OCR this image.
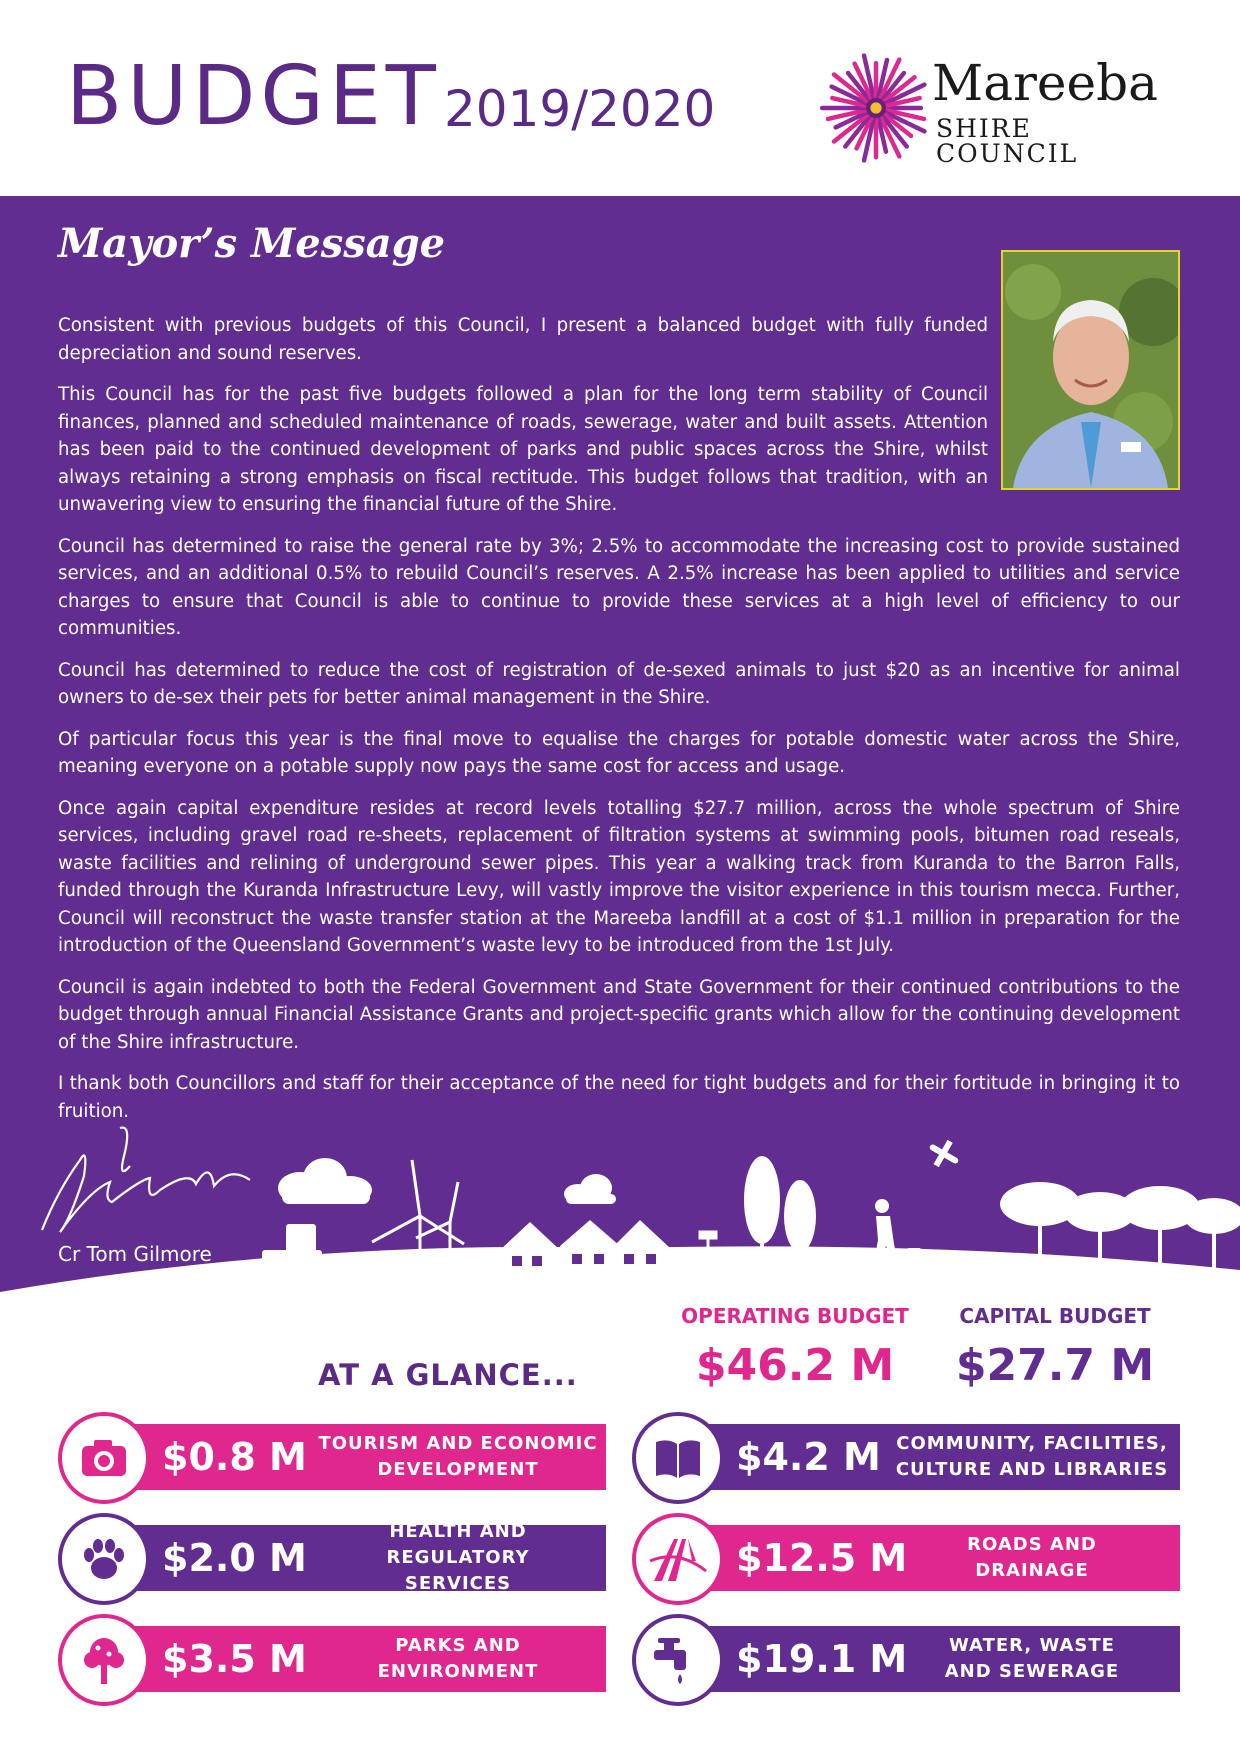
BUDGET 2019/2020	Mareeba
SHIRE COUNCIL
Mayor’s Message

Consistent with previous budgets of this Council, I present a balanced budget with fully funded depreciation and sound reserves.

This Council has for the past five budgets followed a plan for the long term stability of Council finances, planned and scheduled maintenance of roads, sewerage, water and built assets. Attention has been paid to the continued development of parks and public spaces across the Shire, whilst always retaining a strong emphasis on fiscal rectitude. This budget follows that tradition, with an unwavering view to ensuring the financial future of the Shire.

Council has determined to raise the general rate by 3%; 2.5% to accommodate the increasing cost to provide sustained services, and an additional 0.5% to rebuild Council’s reserves. A 2.5% increase has been applied to utilities and service charges to ensure that Council is able to continue to provide these services at a high level of efficiency to our communities.

Council has determined to reduce the cost of registration of de-sexed animals to just $20 as an incentive for animal owners to de-sex their pets for better animal management in the Shire.

Of particular focus this year is the final move to equalise the charges for potable domestic water across the Shire, meaning everyone on a potable supply now pays the same cost for access and usage.

Once again capital expenditure resides at record levels totalling $27.7 million, across the whole spectrum of Shire services, including gravel road re-sheets, replacement of filtration systems at swimming pools, bitumen road reseals, waste facilities and relining of underground sewer pipes. This year a walking track from Kuranda to the Barron Falls, funded through the Kuranda Infrastructure Levy, will vastly improve the visitor experience in this tourism mecca. Further, Council will reconstruct the waste transfer station at the Mareeba landfill at a cost of $1.1 million in preparation for the introduction of the Queensland Government’s waste levy to be introduced from the 1st July.

Council is again indebted to both the Federal Government and State Government for their continued contributions to the budget through annual Financial Assistance Grants and project-specific grants which allow for the continuing development of the Shire infrastructure.

I thank both Councillors and staff for their acceptance of the need for tight budgets and for their fortitude in bringing it to fruition.

Cr Tom Gilmore
OPERATING BUDGET
$46.2 M
CAPITAL BUDGET
$27.7 M
AT A GLANCE...
$0.8 M TOURISM AND ECONOMIC
DEVELOPMENT
$2.0 M
HEALTH AND REGULATORY
SERVICES
$3.5 M	PARKS AND
ENVIRONMENT
$4.2 M COMMUNITY, FACILITIES,
CULTURE AND LIBRARIES
$12.5 M	ROADS AND
DRAINAGE
$19.1 M WATER, WASTE
AND SEWERAGE
